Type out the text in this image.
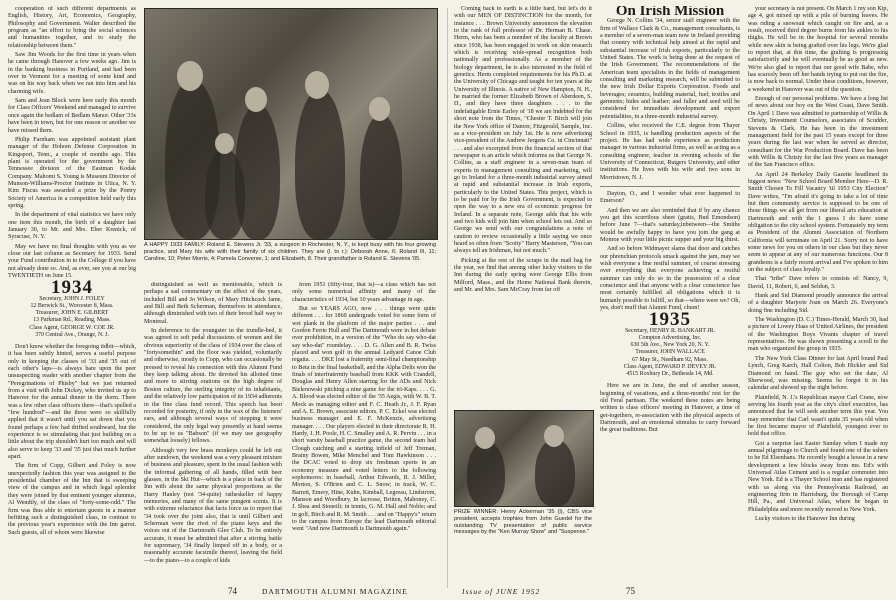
cooperation of such different departments as English, History, Art, Economics, Geography, Philosophy and Government. Walter described the program as "an effort to bring the social sciences and humanities together, and to study the relationship between them."

Saw Jim Woods for the first time in years when he came through Hanover a few weeks ago. Jim is in the banking business in Portland, and had been over in Vermont for a meeting of some kind and was on his way back when we ran into him and his charming wife.

Sam and Jean Block were here early this month for Class Officers' Weekend and managed to survive once again the bedlam of Bedlam Manor. Other '33s have been in town, but for one reason or another we have missed them.

Philip Farnham was appointed assistant plant manager of the Hohom Defense Corporation in Kingsport, Tenn., a couple of months ago. This plant is operated for the government by the Tennessee division of the Eastman Kodak Company. Mahomi S. Young is Museum Director of Munson-Williams-Proctor Institute in Utica, N. Y. Kim Fiscus was awarded a prize by the Poetry Society of America in a competition held early this spring.

In the department of vital statistics we have only one item this month, the birth of a daughter last January 30, to Mr. and Mrs. Eber Krenick, of Syracuse, N. Y.

May we have no final thoughts with you as we close our last column as Secretary for 1933. Send your Fund contribution in to the College if you have not already done so. And, as ever, see you at our big TWENTIETH on June 15.

1934
Secretary, JOHN J. FOLEY
12 Berwick St., Worcester 8, Mass.
Treasurer, JOHN E. GILBERT
13 Parkman Rd., Reading, Mass.
Class Agent, GEORGE W. COE JR.
370 Central Ave., Orange, N. J.

Don't know whether the foregoing tidbit—which, it has been subtly hinted, serves a useful purpose only in keeping the classes of '33 and '35 out of each other's laps—is always bare upon the peer unsuspecting reader with another chapter from the "Peregrinations of Phisby" but we just returned from a visit with John Dickey, who invited us up to Hanover for the annual dinner in the dorm. There was a few other class officers there—that's spelled a "few hundred"—and the three were so skillfully applied that it wasn't until you sat down that you found perhaps a few had drifted southward, but the experience is so stimulating that just building on a little about the trip shouldn't hurt too much and will also serve to keep '33 and '35 just that much further apart.

The firm of Copp, Gilbert and Foley is now unexpectedly fashion this year was assigned to the presidential chamber of the Inn that is sweeping view of the campus and in which legal splendor they were joined by that eminent younger alumnus, Al Wendtly, of the class of "forty-some-odd." The firm was thus able to entertain guests in a manner befitting such a distinguished class, in contrast to the previous year's experience with the Inn garret. Such guests, all of whom were likewise

A HAPPY 1933 FAMILY: Roland E. Stevens Jr. '33, a surgeon in Rochester, N. Y., is kept busy with his four growing practice, and Mary his wife with their family of six children. They are (l. to r.): Deborah Anne, 6; Roland III, 11; Caroline, 10; Peter Morris, 4; Pamela Converse, 1; and Elizabeth, 8. Their grandfather is Roland E. Stevens '05.

distinguished as well as mentionable, which is perhaps a sad commentary on the effect of the years, included Bill and Jo Wilson, of Mary Hitchcock fame, and Bill and Beth Scherman, themselves in attendance, although diminished with two of their brood half way to Montreal.

In deference to the youngster in the trundle-bed, it was agreed to soft pedal discussions of women and the obvious superiority of the class of 1934 over the class of "fortysomethin" and the floor was yielded, voluntarily and otherwise, mostly to Copp, who can occasionally be pressed to reveal his connection with this Alumni Fund they keep talking about. He devoted his allotted time and more to stirring orations on the high degree of Boston culture, the sterling integrity of its inhabitants, and the relatively low participation of its 1934 adherents in the fine class fund record. This speech has been recorded for posterity, if only in the wax of the listeners' ears, and although several ways of stopping it were considered, the only legal way presently at hand seems to be up to us "Babson" (if we may use geography somewhat loosely) fellows.

Although very few brass monkeys could be left out after sundown, the weekend was a very pleasant mixture of business and pleasure, spent in the usual fashion with the informal gathering of all hands, filled with beer glasses, in the Ski Hut—which is a place in back of the Inn with about the same physical proportions as the Harry Hanley (not '34-quite) ratheskeller of happy memories, and many of the same pungent scents. It is with extreme reluctance that facts force us to report that '34 took over the joint also, that is until Gilbert and Scherman were the rivet of the piano keys and the voices out of the Dartmouth Glee Club. To be entirely accurate, it must be admitted that after a stirring battle for supremacy, '34 finally limped off in a body, or a reasonably accurate facsimile thereof, leaving the field—to the piano—to a couple of kids

from 1951 (fifty-four, that is)—a class which has not only some numerical affinity and many of the characteristics of 1934, but 10 years advantage in age.

But so YEARS AGO, now . . . things were quite different . . . for 1860 undergrads voted for some form of wet plank in the platform of the major parties . . . and Gordon Ferrie Hull and The Dartmouth were in hot debate over prohibition, in a version of the "Who do say who-dat say who-dat" roundelay. . . . D. G. Allen and B. R. Twiss placed and won golf in the annual Ledyard Canoe Club regatta. . . . DKE lost a fraternity semi-final championship to Beta in the final basketball, and the Alpha Delts won the finals of interfraternity baseball from KKK with Crandell, Douglas and Henry Allen starring for the ADs and Nick Bielenowski pitching a nine game for the tri-Kaps. . . . G. A. Blood was elected editor of the '35 Aegis, with W. B. T. Mock as managing editor and F. C. Heath Jr., J. F. Ryan and A. E. Brown, associate editors. P. C. Eckel was elected business manager and E. F. McKenzie, advertising manager. . . . Our players elected in their directorate R. H. Hardy, J. H. Poole, H. C. Smalley and A. R. Pervin . . . in a short varsity baseball practice game, the second team had Clough catching and a starting infield of Jeff Treman, Brainy Bowen, Mike Menchel and Tom Hawkinson . . . the DCAC voted to drop six freshman sports in an economy measure and voted letters to the following sophomores: in baseball, Arthur Edwards, R. J. Miller, Morton, S. O'Brien and C. L. Snow; in track, W. C. Barrett, Emery, Hine, Kuhn, Kimball, Legreau, Lindstrom, Manson and Woodbury. In lacrosse, Britten, Mahoney, C. J. Shea and Stoneili; in tennis, G. M. Hall and Noble; and in golf, Birch and R. M. Smith . . . and on "Happy's" return to the campus from Europe the lead Dartmouth editorial went "And now Dartmouth is Dartmouth again."

74	DARTMOUTH ALUMNI MAGAZINE

Coming back to earth is a little hard, but let's do it with our MEN OF DISTINCTION for the month, for instance . . . Brown University announces the elevation to the rank of full professor of Dr. Herman B. Chase. Herm, who has been a member of the faculty at Brown since 1938, has been engaged in work on skin research which is receiving wide-spread recognition both nationally and professionally. As a member of the biology department, he is also interested in the field of genetics. Herm completed requirements for his Ph.D. at the University of Chicago and taught for ten years at the University of Illinois. A native of New Hampton, N. H., he married the former Elizabeth Brown of Aberdeen, S. D., and they have three daughters . . . to the indefatigable Ernie Earley of '18 we are indebted for the short note from the Times, "Chester T. Birch will join the New York office of Dancer, Fitzgerald, Sample, Inc. as a vice-president on July 1st. He is now advertising vice-president of the Andrew Jergens Co. in Cincinnati" . . . and also excerpted from the financial section of that newspaper is an article which informs us that George N. Collins, as a staff engineer in a seven-man team of experts in management consulting and marketing, will go to Ireland for a three-month industrial survey aimed at rapid and substantial increase in Irish exports, particularly to the United States. This project, which is to be paid for by the Irish Government, is expected to open the way to a new era of economic progress for Ireland. In a separate note, George adds that his wife and two kids will join him when school lets out. And so George we send with our congratulations a note of caution to review occasionally a little saying we once heard so often from "Scotty" Harry Masterson, "You can always tell an Irishman, but not much."

Picking at the rest of the scraps in the mail bag for the year, we find that among other lucky visitors to the Inn during the early spring were George Ellis from Milford, Mass., and the Home National Bank therein, and Mr. and Mrs. Sam McCray from far off

PRIZE WINNER: Henry Ackerman '35 (l), CBS vice president, accepts trophies from John Guedel for the outstanding TV presentation of public service messages by the "Ken Murray Show" and "Suspense."
On Irish Mission

George N. Collins '34, senior staff engineer with the firm of Wallace Clark & Co., management consultants, is a member of a seven-man team now in Ireland providing that country with technical help aimed at the rapid and substantial increase of Irish exports, particularly to the United States. The work is being done at the request of the Irish Government. The recommendations of the American team specialists in the fields of management consulting and marketing research, will be submitted to the new Irish Dollar Exports Corporation. Foods and beverages; ceramics, building material, fuel; textiles and garments; hides and leather; and fuller and seed will be considered for immediate development and export potentialities, in a three-month industrial survey.

Collins, who received the C.E. degree from Thayer School in 1935, is handling production aspects of the project. He has had wide experience as production manager in various industrial firms, as well as acting as a consulting engineer, teacher in evening schools of the University of Connecticut, Rutgers University, and other institutions. He lives with his wife and two sons in Morristown, N. J.

Dayton, O., and I wonder what ever happened to Emerson?

And then we are also reminded that if by any chance you get this scurrilous sheet (gratis, Bud Emondson) before June 7—that's saturday,inbetween—the Smiths would be awfully happy to have you join the gang at Monroe with your little picnic supper and your big thirst.

And so before Widmayer slams that door and catches our phrenchian protocols smack against the jam, may we wish everyone a fine restful summer, of course stressing over everything that everyone achieving a restful summer can only do so in the possession of a clear conscience and that anyone with a clear conscience has most certainly fulfilled all obligations which it is humanly possible to fulfill, so that—where were we? Oh, yes, don't muff that Alumni Fund, chum!

1935
Secretary, HENRY R. BANKART JR.
Compton Advertising, Inc.
630 5th Ave., New York 20, N. Y.
Treasurer, JOHN WALLACE
67 May St., Needham 92, Mass.
Class Agent, EDWARD P. DEVEY JR.
4515 Roxbury Dr., Bethesda 14, Md.

Here we are in June, the end of another season, beginning of vacations, and a three-months' rest for the old Feral partisan. The weekend these notes are being written is class officers' meeting in Hanover, a time of get-togethers, re-association with the physical aspects of Dartmouth, and an emotional stimulus to carry forward the great traditions. But

your secretary is not present. On March 1 my son Kip, age 4, got mixed up with a pile of burning leaves. He was riding a snowsuit which caught on fire and, as a result, received third degree burns from his ankles to his thighs. He will be in the hospital for several months while new skin is being grafted over his legs. We're glad to report that, at this time, the grafting is progressing satisfactorily and he will eventually be as good as new. We're also glad to report that our good wife Babe, who has scarcely been off her hands trying to put out the fire, is now back to normal. Under these conditions, however, a weekend in Hanover was out of the question.

Enough of our personal problems. We have a long list of news about our boy on the West Coast, Dave Smith. On April 1 Dave was admitted to partnership of Willis & Christy, Investment Counselors, associates of Scudder, Stevens & Clark. He has been in the investment management field for the past 15 years except for three years during the last war when he served as director, consultant for the War Production Board. Dave has been with Willis & Christy for the last five years as manager of the San Francisco office.

An April 24 Berkeley Daily Gazette headlined its biggest news: "New School Board Member Here—D. R. Smith Chosen To Fill Vacancy 'til 1953 City Election" Dave writes, "I'm afraid it's going to take a lot of time but then community service is supposed to be one of those things we all get from our liberal arts education at Dartmouth and with the 1 guess I do have some obligation to the city school system. Fortunately my term as President of the Alumni Association of Northern California will terminate on April 21. Sorry not to have some news for you on others in our class but they never seem to appear at any of our numerous functions. Our 8 grandsons is a fairly recent arrival and I've spoken to him on the subject of class loyalty."

That "tribe" Dave refers to consists of: Nancy, 9, David, 11, Robert, 6, and Seldon, 3.

Hank and Sid Diamond proudly announce the arrival of a daughter Marjorie Joan on March 26. Everyone's doing fine including Sid.

The Washington (D. C.) Times-Herald, March 30, had a picture of Lowey Haas of United Airlines, the president of the Washington Boys Vivants chapter of travel representatives. He was shown presenting a scroll to the man who organized the group in 1935.

The New York Class Dinner for last April found Paul Lynch, Greg Karch, Hall Colton, Bob Hickler and Sid Diamond on hand. The guy who set the date, Al Sherwood, was missing. Seems he forgot it in his calendar and showed up the night before.

Plainfield, N. J.'s Republican mayor Carl Crane, now serving his fourth year as the city's chief executive, has announced that he will seek another term this year. You may remember that Carl wasn't quite 35 years old when he first became mayor of Plainfield, youngest ever to hold that office.

Got a surprise last Easter Sunday when I made my annual pilgrimage to Church and found one of the ushers to be Ed Elsenhans. He recently bought a house in a new development a few blocks away from me. Ed's with Universal Atlas Cement and is a regular commuter into New York. Ed is a Thayer School man and has registered with us along via the Pennsylvania Railroad, an engineering firm in Harrisburg, the Borough of Camp Hill, Pa., and Universal Atlas, where he began in Philadelphia and more recently moved to New York.

Lucky visitors to the Hanover Inn during

Issue of JUNE 1952	75
